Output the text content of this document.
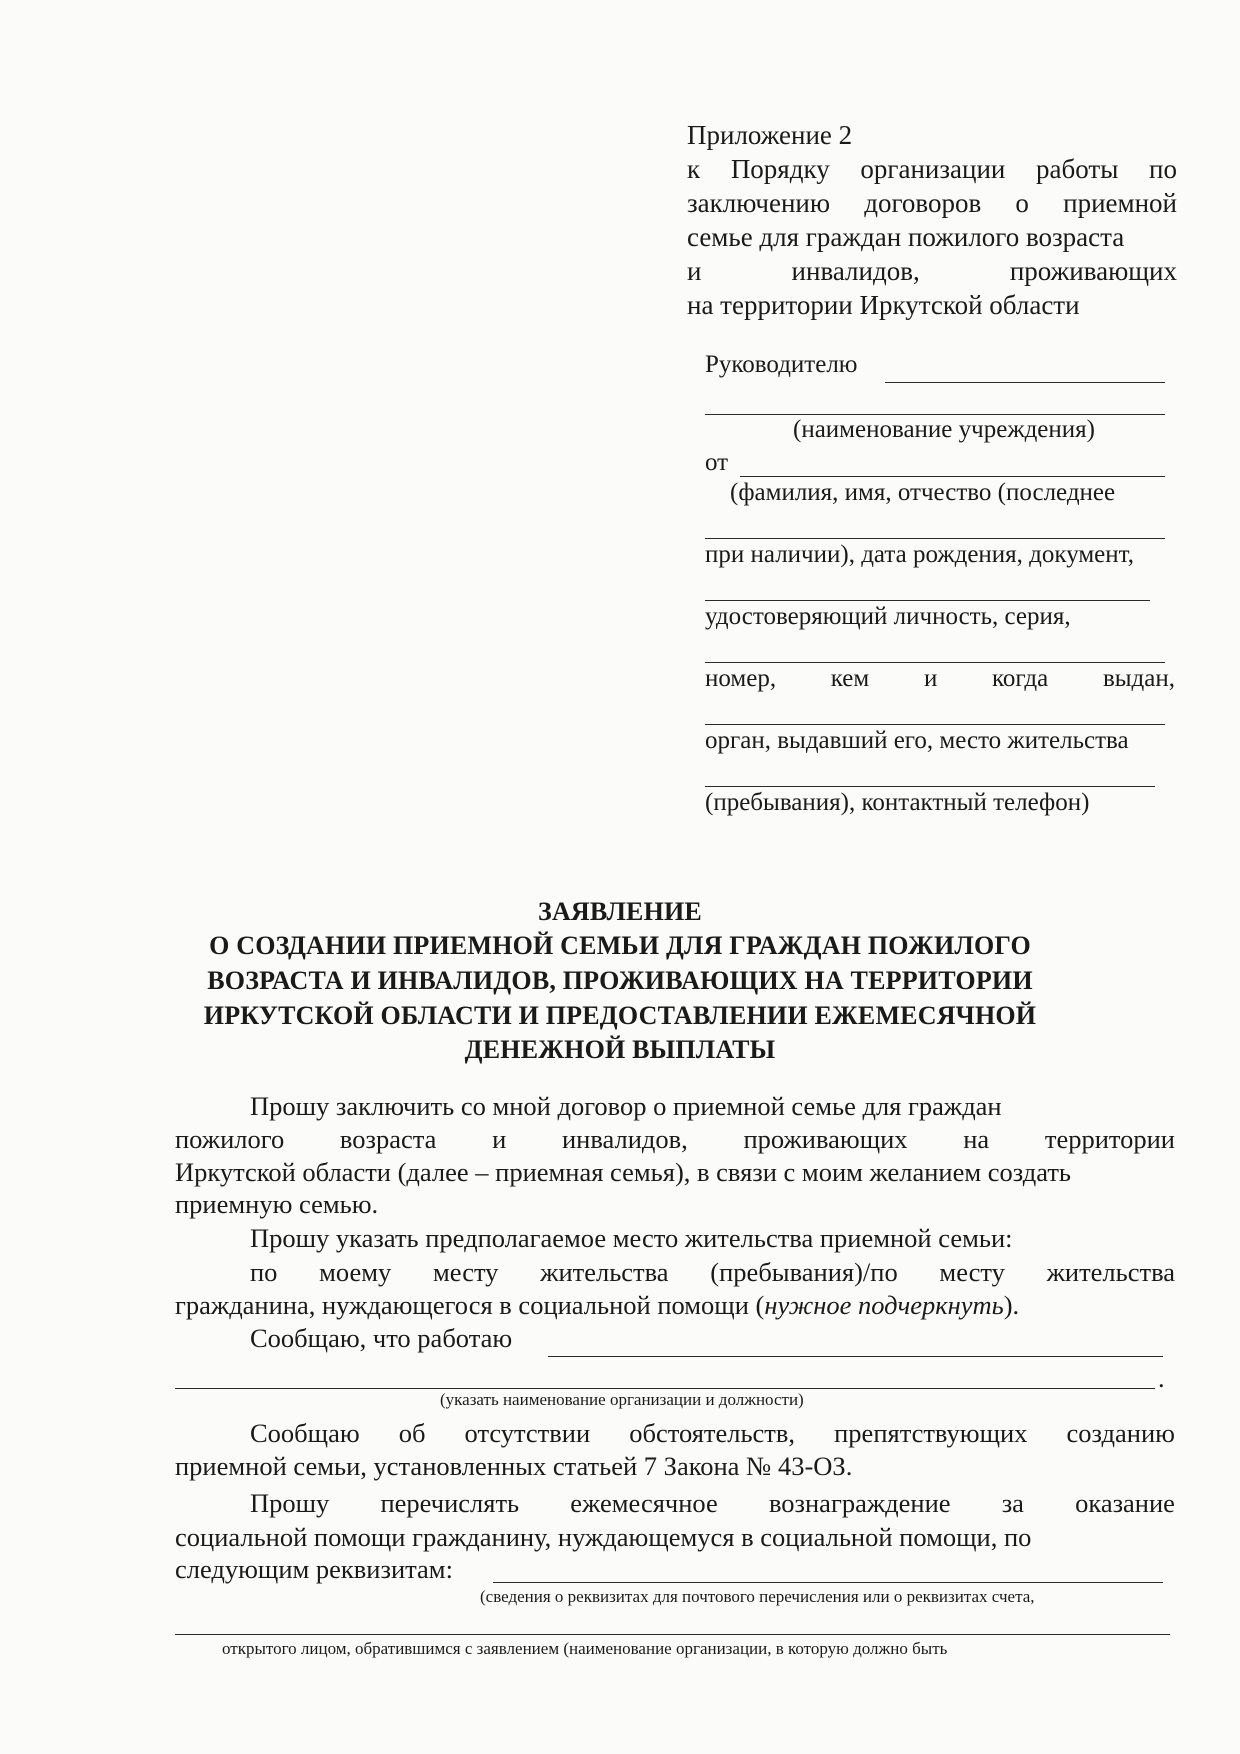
Приложение 2
к Порядку организации работы по
заключению договоров о приемной
семье для граждан пожилого возраста
и	инвалидов,	проживающих
на территории Иркутской области
Руководителю
(наименование учреждения)
от
(фамилия, имя, отчество (последнее
при наличии), дата рождения, документ,
удостоверяющий личность, серия,
номер, кем и когда выдан,
орган, выдавший его, место жительства
(пребывания), контактный телефон)
ЗАЯВЛЕНИЕ
О СОЗДАНИИ ПРИЕМНОЙ СЕМЬИ ДЛЯ ГРАЖДАН ПОЖИЛОГО
ВОЗРАСТА И ИНВАЛИДОВ, ПРОЖИВАЮЩИХ НА ТЕРРИТОРИИ
ИРКУТСКОЙ ОБЛАСТИ И ПРЕДОСТАВЛЕНИИ ЕЖЕМЕСЯЧНОЙ
ДЕНЕЖНОЙ ВЫПЛАТЫ
Прошу заключить со мной договор о приемной семье для граждан
пожилого возраста и инвалидов, проживающих на территории
Иркутской области (далее – приемная семья), в связи с моим желанием создать
приемную семью.
Прошу указать предполагаемое место жительства приемной семьи:
по моему месту жительства (пребывания)/по месту жительства
гражданина, нуждающегося в социальной помощи (нужное подчеркнуть).
Сообщаю, что работаю
.
(указать наименование организации и должности)
Сообщаю об отсутствии обстоятельств, препятствующих созданию
приемной семьи, установленных статьей 7 Закона № 43-ОЗ.
Прошу перечислять ежемесячное вознаграждение за оказание
социальной помощи гражданину, нуждающемуся в социальной помощи, по
следующим реквизитам:
(сведения о реквизитах для почтового перечисления или о реквизитах счета,
открытого лицом, обратившимся с заявлением (наименование организации, в которую должно быть
